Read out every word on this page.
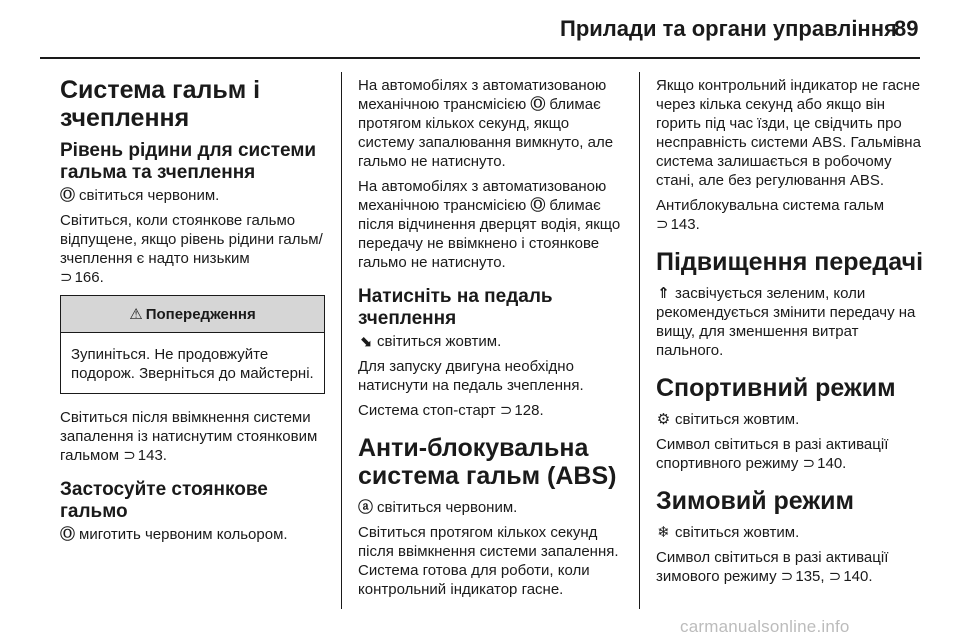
Прилади та органи управління
89
Система гальм і зчеплення
Рівень рідини для системи гальма та зчеплення

Ⓞ світиться червоним.

Світиться, коли стоянкове гальмо відпущене, якщо рівень рідини гальм/зчеплення є надто низьким
⊃ 166.

⚠ Попередження
Зупиніться. Не продовжуйте подорож. Зверніться до майстерні.

Світиться після ввімкнення системи запалення із натиснутим стоянковим гальмом ⊃ 143.

Застосуйте стоянкове гальмо

Ⓞ миготить червоним кольором.

На автомобілях з автоматизованою механічною трансмісією Ⓞ блимає протягом кількох секунд, якщо систему запалювання вимкнуто, але гальмо не натиснуто.

На автомобілях з автоматизованою механічною трансмісією Ⓞ блимає після відчинення дверцят водія, якщо передачу не ввімкнено і стоянкове гальмо не натиснуто.

Натисніть на педаль зчеплення

⬊ світиться жовтим.

Для запуску двигуна необхідно натиснути на педаль зчеплення.

Система стоп-старт ⊃ 128.

Анти-блокувальна система гальм (ABS)

ⓐ світиться червоним.

Світиться протягом кількох секунд після ввімкнення системи запалення. Система готова для роботи, коли контрольний індикатор гасне.

Якщо контрольний індикатор не гасне через кілька секунд або якщо він горить під час їзди, це свідчить про несправність системи ABS. Гальмівна система залишається в робочому стані, але без регулювання ABS.

Антиблокувальна система гальм
⊃ 143.

Підвищення передачі

⇑ засвічується зеленим, коли рекомендується змінити передачу на вищу, для зменшення витрат пального.

Спортивний режим

⚙ світиться жовтим.

Символ світиться в разі активації спортивного режиму ⊃ 140.

Зимовий режим

❄ світиться жовтим.

Символ світиться в разі активації зимового режиму ⊃ 135, ⊃ 140.

carmanualsonline.info
